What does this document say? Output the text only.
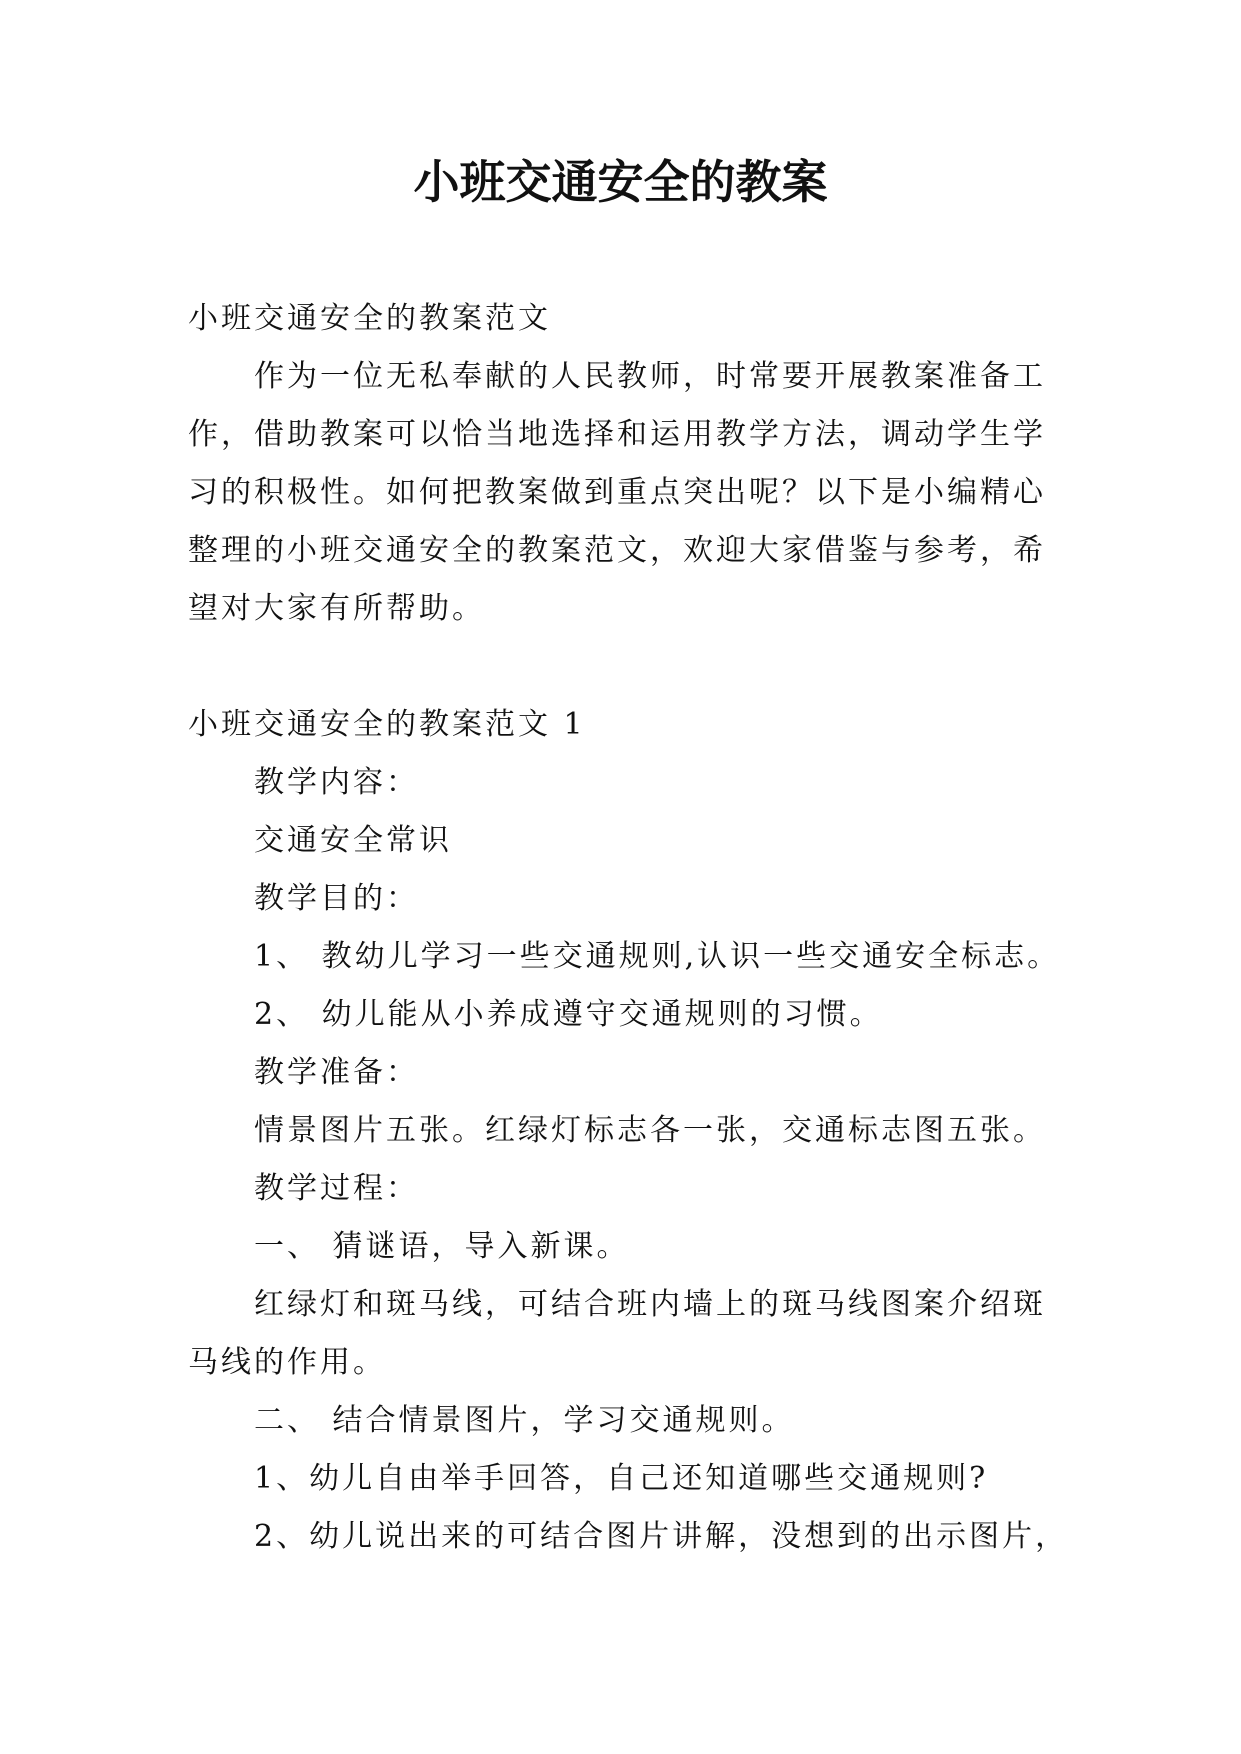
小班交通安全的教案

小班交通安全的教案范文

作为一位无私奉献的人民教师，时常要开展教案准备工作，借助教案可以恰当地选择和运用教学方法，调动学生学习的积极性。如何把教案做到重点突出呢？以下是小编精心整理的小班交通安全的教案范文，欢迎大家借鉴与参考，希望对大家有所帮助。

小班交通安全的教案范文 1

教学内容：

交通安全常识

教学目的：

1、 教幼儿学习一些交通规则,认识一些交通安全标志。

2、 幼儿能从小养成遵守交通规则的习惯。

教学准备：

情景图片五张。红绿灯标志各一张，交通标志图五张。

教学过程：

一、 猜谜语，导入新课。

红绿灯和斑马线，可结合班内墙上的斑马线图案介绍斑马线的作用。

二、 结合情景图片，学习交通规则。

1、幼儿自由举手回答，自己还知道哪些交通规则?

2、幼儿说出来的可结合图片讲解，没想到的出示图片，
